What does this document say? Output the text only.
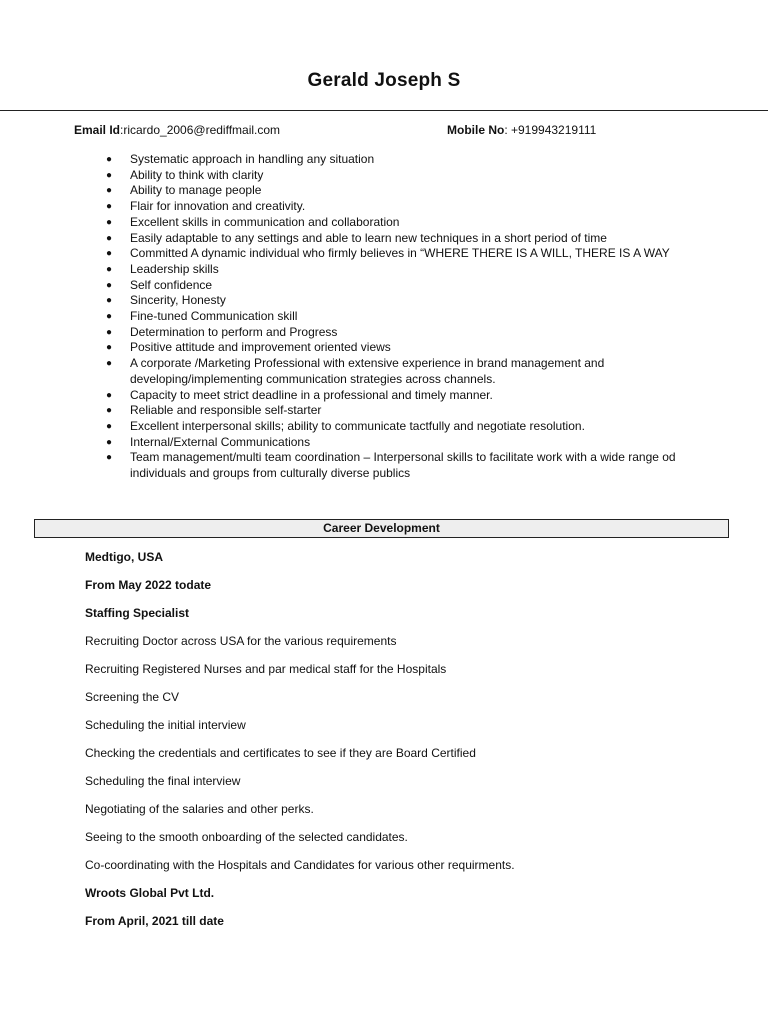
Gerald Joseph S
Email Id:ricardo_2006@rediffmail.com	Mobile No: +919943219111
● Systematic approach in handling any situation
● Ability to think with clarity
● Ability to manage people
● Flair for innovation and creativity.
● Excellent skills in communication and collaboration
● Easily adaptable to any settings and able to learn new techniques in a short period of time
● Committed A dynamic individual who firmly believes in “WHERE THERE IS A WILL, THERE IS A WAY
● Leadership skills
● Self confidence
● Sincerity, Honesty
● Fine-tuned Communication skill
● Determination to perform and Progress
● Positive attitude and improvement oriented views
● A corporate /Marketing Professional with extensive experience in brand management and
developing/implementing communication strategies across channels.
● Capacity to meet strict deadline in a professional and timely manner.
● Reliable and responsible self-starter
● Excellent interpersonal skills; ability to communicate tactfully and negotiate resolution.
● Internal/External Communications
● Team management/multi team coordination – Interpersonal skills to facilitate work with a wide range od
individuals and groups from culturally diverse publics
Career Development
Medtigo, USA
From May 2022 todate
Staffing Specialist
Recruiting Doctor across USA for the various requirements
Recruiting Registered Nurses and par medical staff for the Hospitals
Screening the CV
Scheduling the initial interview
Checking the credentials and certificates to see if they are Board Certified
Scheduling the final interview
Negotiating of the salaries and other perks.
Seeing to the smooth onboarding of the selected candidates.
Co-coordinating with the Hospitals and Candidates for various other requirments.
Wroots Global Pvt Ltd.
From April, 2021 till date
